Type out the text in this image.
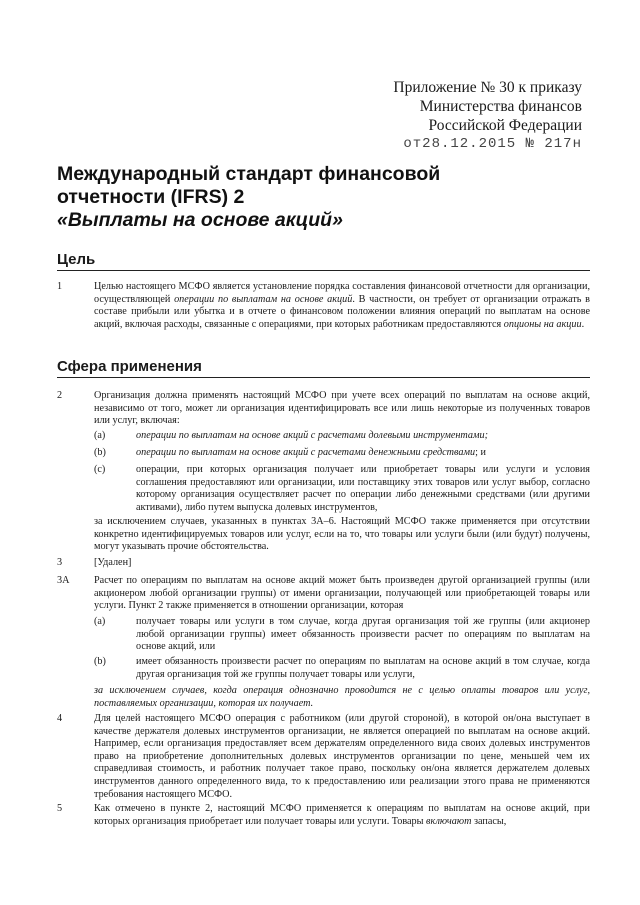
Приложение № 30 к приказу
Министерства финансов
Российской Федерации
от28.12.2015 № 217н
Международный стандарт финансовой
отчетности (IFRS) 2
«Выплаты на основе акций»
Цель
1	Целью настоящего МСФО является установление порядка составления финансовой отчетности для организации, осуществляющей операции по выплатам на основе акций. В частности, он требует от организации отражать в составе прибыли или убытка и в отчете о финансовом положении влияния операций по выплатам на основе акций, включая расходы, связанные с операциями, при которых работникам предоставляются опционы на акции.
Сфера применения
2	Организация должна применять настоящий МСФО при учете всех операций по выплатам на основе акций, независимо от того, может ли организация идентифицировать все или лишь некоторые из полученных товаров или услуг, включая:
(a)	операции по выплатам на основе акций с расчетами долевыми инструментами;
(b)	операции по выплатам на основе акций с расчетами денежными средствами; и
(c)	операции, при которых организация получает или приобретает товары или услуги и условия соглашения предоставляют или организации, или поставщику этих товаров или услуг выбор, согласно которому организация осуществляет расчет по операции либо денежными средствами (или другими активами), либо путем выпуска долевых инструментов,
за исключением случаев, указанных в пунктах 3А–6. Настоящий МСФО также применяется при отсутствии конкретно идентифицируемых товаров или услуг, если на то, что товары или услуги были (или будут) получены, могут указывать прочие обстоятельства.
3	[Удален]
3A Расчет по операциям по выплатам на основе акций может быть произведен другой организацией группы (или акционером любой организации группы) от имени организации, получающей или приобретающей товары или услуги. Пункт 2 также применяется в отношении организации, которая
(a)	получает товары или услуги в том случае, когда другая организация той же группы (или акционер любой организации группы) имеет обязанность произвести расчет по операциям по выплатам на основе акций, или
(b)	имеет обязанность произвести расчет по операциям по выплатам на основе акций в том случае, когда другая организация той же группы получает товары или услуги,
за исключением случаев, когда операция однозначно проводится не с целью оплаты товаров или услуг, поставляемых организации, которая их получает.
4	Для целей настоящего МСФО операция с работником (или другой стороной), в которой он/она выступает в качестве держателя долевых инструментов организации, не является операцией по выплатам на основе акций. Например, если организация предоставляет всем держателям определенного вида своих долевых инструментов право на приобретение дополнительных долевых инструментов организации по цене, меньшей чем их справедливая стоимость, и работник получает такое право, поскольку он/она является держателем долевых инструментов данного определенного вида, то к предоставлению или реализации этого права не применяются требования настоящего МСФО.
5	Как отмечено в пункте 2, настоящий МСФО применяется к операциям по выплатам на основе акций, при которых организация приобретает или получает товары или услуги. Товары включают запасы,
